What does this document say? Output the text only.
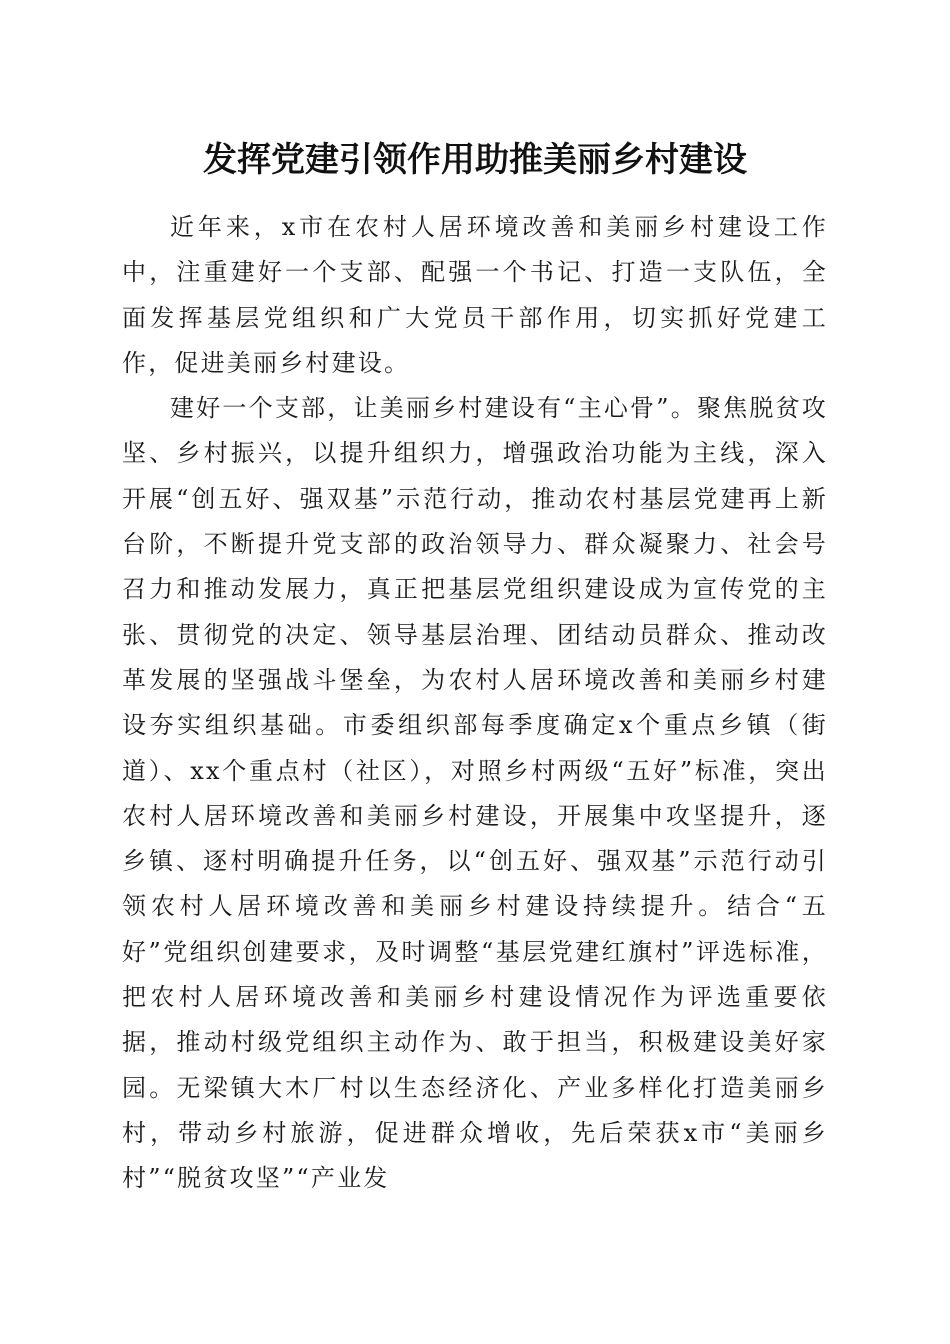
发挥党建引领作用助推美丽乡村建设

近年来，x市在农村人居环境改善和美丽乡村建设工作中，注重建好一个支部、配强一个书记、打造一支队伍，全面发挥基层党组织和广大党员干部作用，切实抓好党建工作，促进美丽乡村建设。

建好一个支部，让美丽乡村建设有“主心骨”。聚焦脱贫攻坚、乡村振兴，以提升组织力，增强政治功能为主线，深入开展“创五好、强双基”示范行动，推动农村基层党建再上新台阶，不断提升党支部的政治领导力、群众凝聚力、社会号召力和推动发展力，真正把基层党组织建设成为宣传党的主张、贯彻党的决定、领导基层治理、团结动员群众、推动改革发展的坚强战斗堡垒，为农村人居环境改善和美丽乡村建设夯实组织基础。市委组织部每季度确定x个重点乡镇（街道）、xx个重点村（社区），对照乡村两级“五好”标准，突出农村人居环境改善和美丽乡村建设，开展集中攻坚提升，逐乡镇、逐村明确提升任务，以“创五好、强双基”示范行动引领农村人居环境改善和美丽乡村建设持续提升。结合“五好”党组织创建要求，及时调整“基层党建红旗村”评选标准，把农村人居环境改善和美丽乡村建设情况作为评选重要依据，推动村级党组织主动作为、敢于担当，积极建设美好家园。无梁镇大木厂村以生态经济化、产业多样化打造美丽乡村，带动乡村旅游，促进群众增收，先后荣获x市“美丽乡村”“脱贫攻坚”“产业发
